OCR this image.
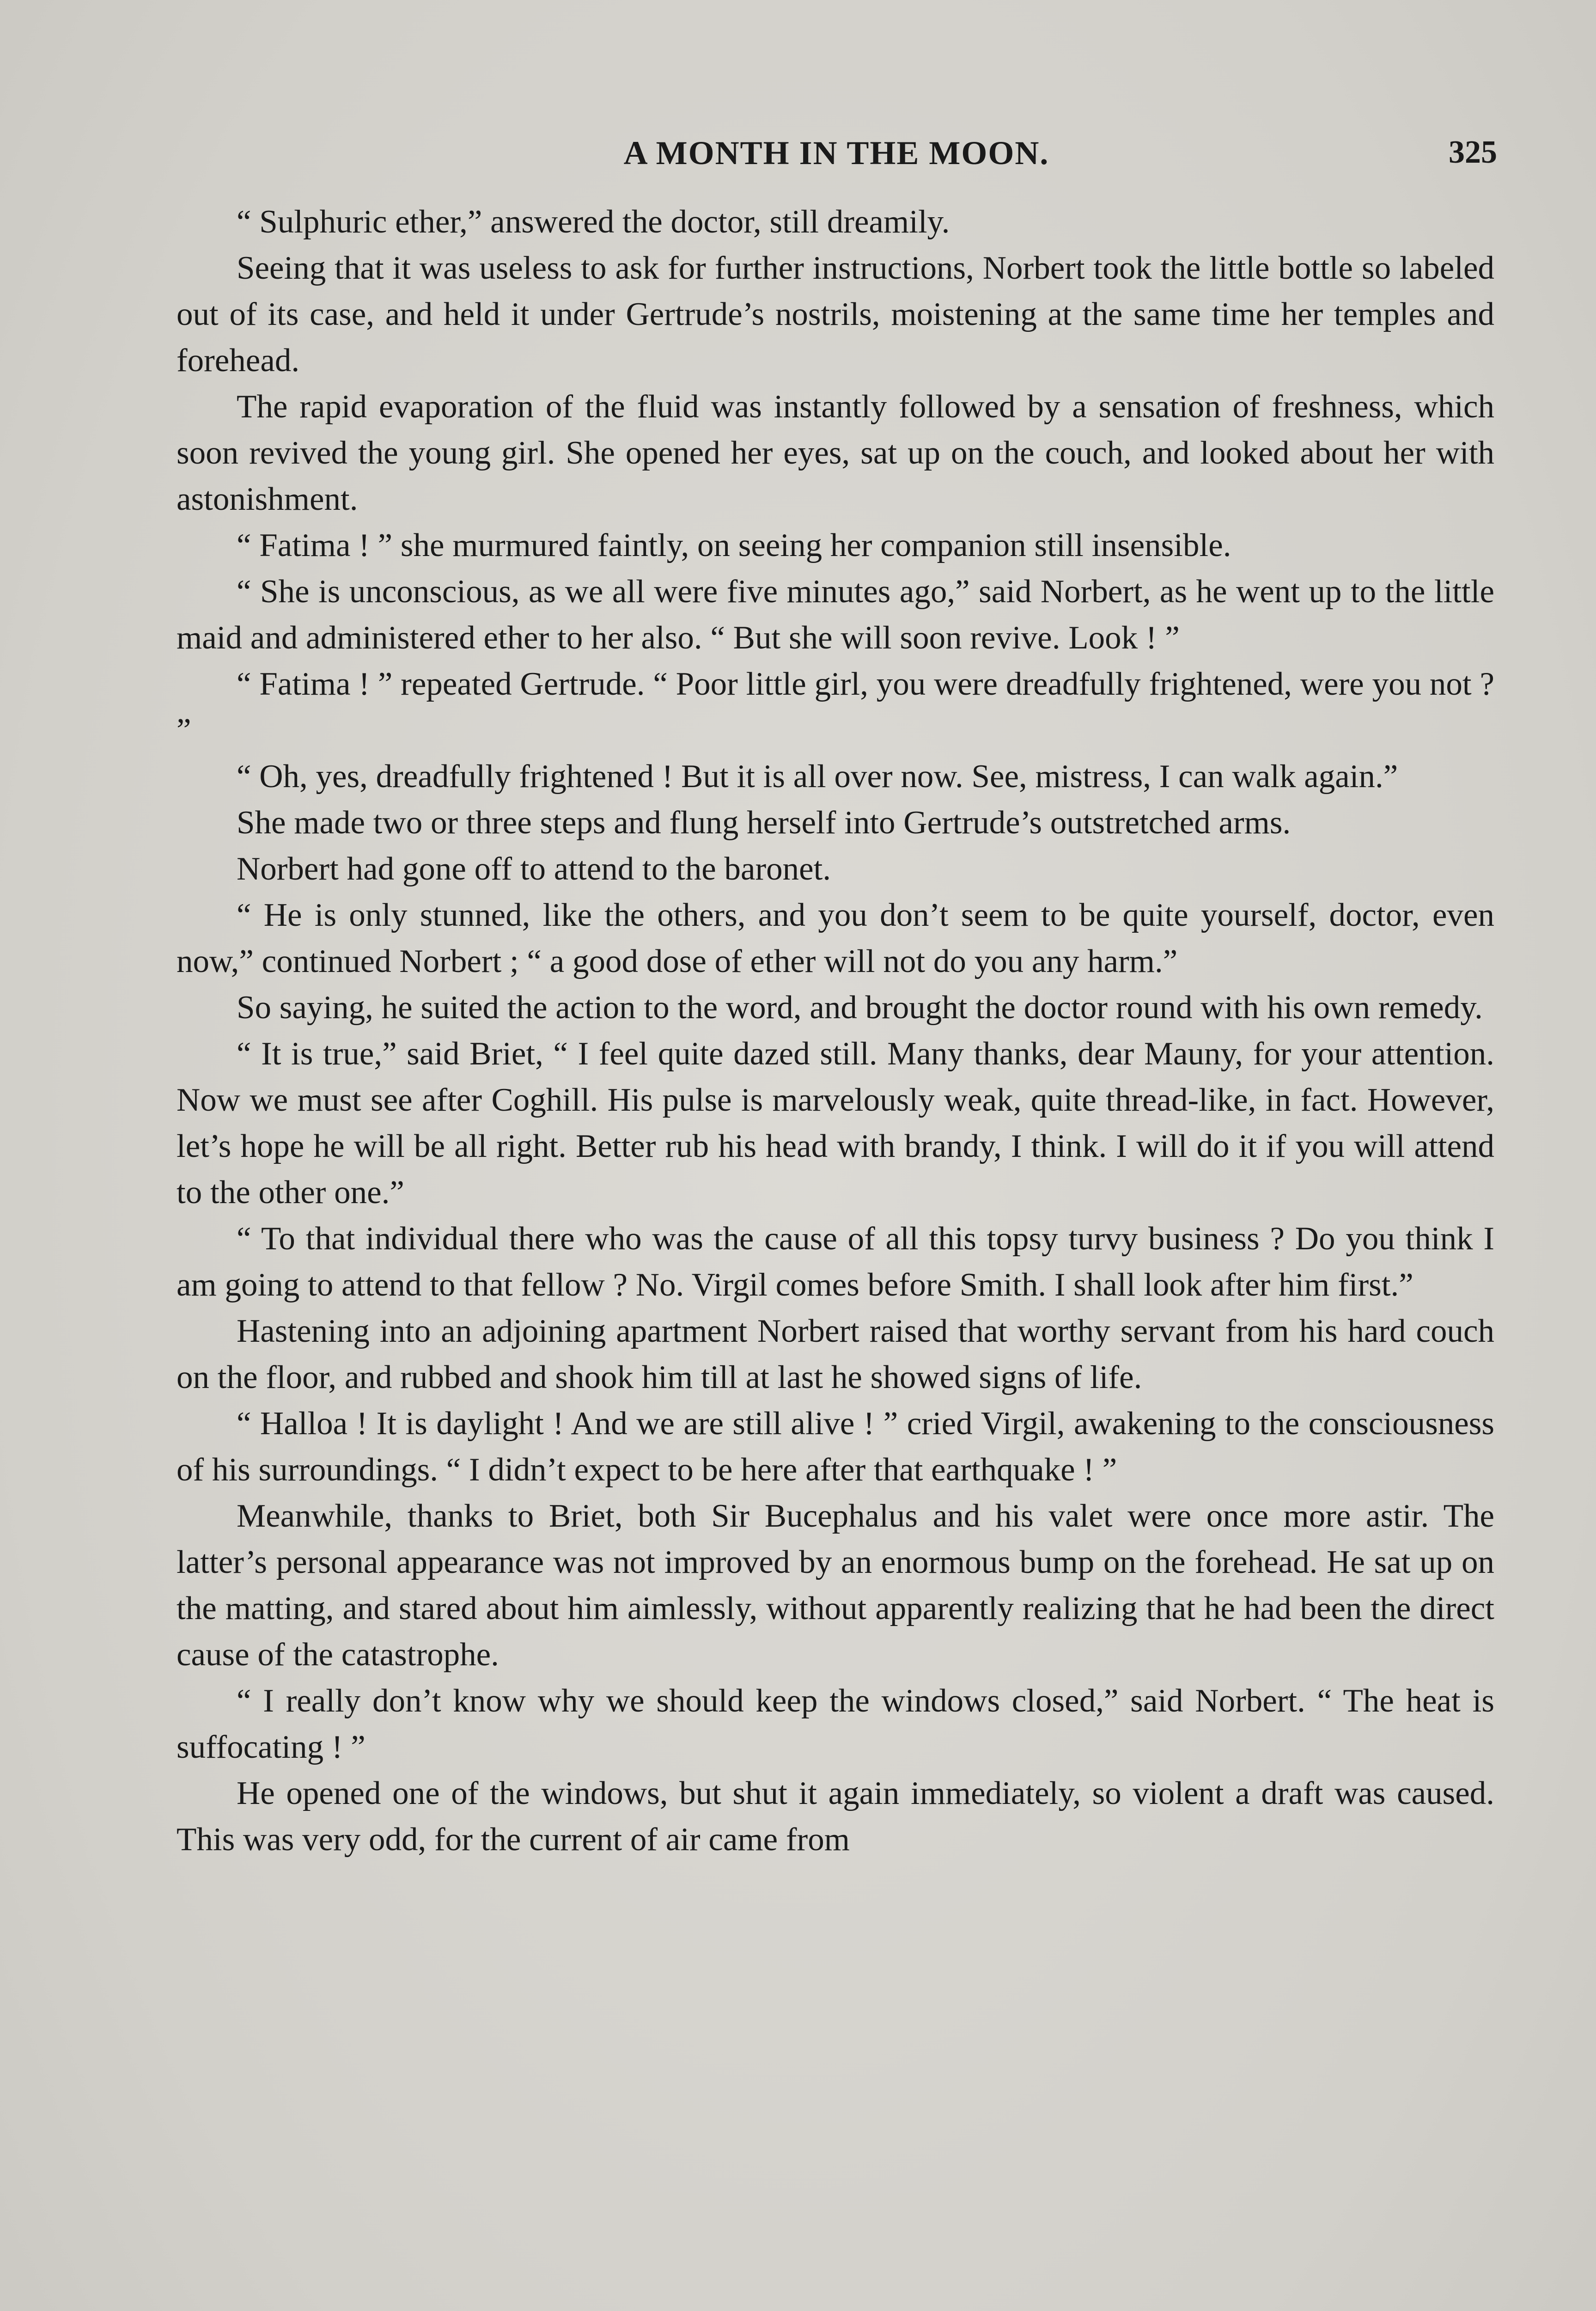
A MONTH IN THE MOON.	325

“ Sulphuric ether,” answered the doctor, still dreamily.

Seeing that it was useless to ask for further instructions, Norbert took the little bottle so labeled out of its case, and held it under Gertrude’s nostrils, moistening at the same time her temples and forehead.

The rapid evaporation of the fluid was instantly followed by a sensation of freshness, which soon revived the young girl. She opened her eyes, sat up on the couch, and looked about her with astonishment.

“ Fatima ! ” she murmured faintly, on seeing her companion still insensible.

“ She is unconscious, as we all were five minutes ago,” said Norbert, as he went up to the little maid and administered ether to her also. “ But she will soon revive. Look ! ”

“ Fatima ! ” repeated Gertrude. “ Poor little girl, you were dreadfully frightened, were you not ? ”

“ Oh, yes, dreadfully frightened ! But it is all over now. See, mistress, I can walk again.”

She made two or three steps and flung herself into Gertrude’s outstretched arms.

Norbert had gone off to attend to the baronet.

“ He is only stunned, like the others, and you don’t seem to be quite yourself, doctor, even now,” continued Norbert ; “ a good dose of ether will not do you any harm.”

So saying, he suited the action to the word, and brought the doctor round with his own remedy.

“ It is true,” said Briet, “ I feel quite dazed still. Many thanks, dear Mauny, for your attention. Now we must see after Coghill. His pulse is marvelously weak, quite thread-like, in fact. However, let’s hope he will be all right. Better rub his head with brandy, I think. I will do it if you will attend to the other one.”

“ To that individual there who was the cause of all this topsy turvy business ? Do you think I am going to attend to that fellow ? No. Virgil comes before Smith. I shall look after him first.”

Hastening into an adjoining apartment Norbert raised that worthy servant from his hard couch on the floor, and rubbed and shook him till at last he showed signs of life.

“ Halloa ! It is daylight ! And we are still alive ! ” cried Virgil, awakening to the consciousness of his surroundings. “ I didn’t expect to be here after that earthquake ! ”

Meanwhile, thanks to Briet, both Sir Bucephalus and his valet were once more astir. The latter’s personal appearance was not improved by an enormous bump on the forehead. He sat up on the matting, and stared about him aimlessly, without apparently realizing that he had been the direct cause of the catastrophe.

“ I really don’t know why we should keep the windows closed,” said Norbert. “ The heat is suffocating ! ”

He opened one of the windows, but shut it again immediately, so violent a draft was caused. This was very odd, for the current of air came from
